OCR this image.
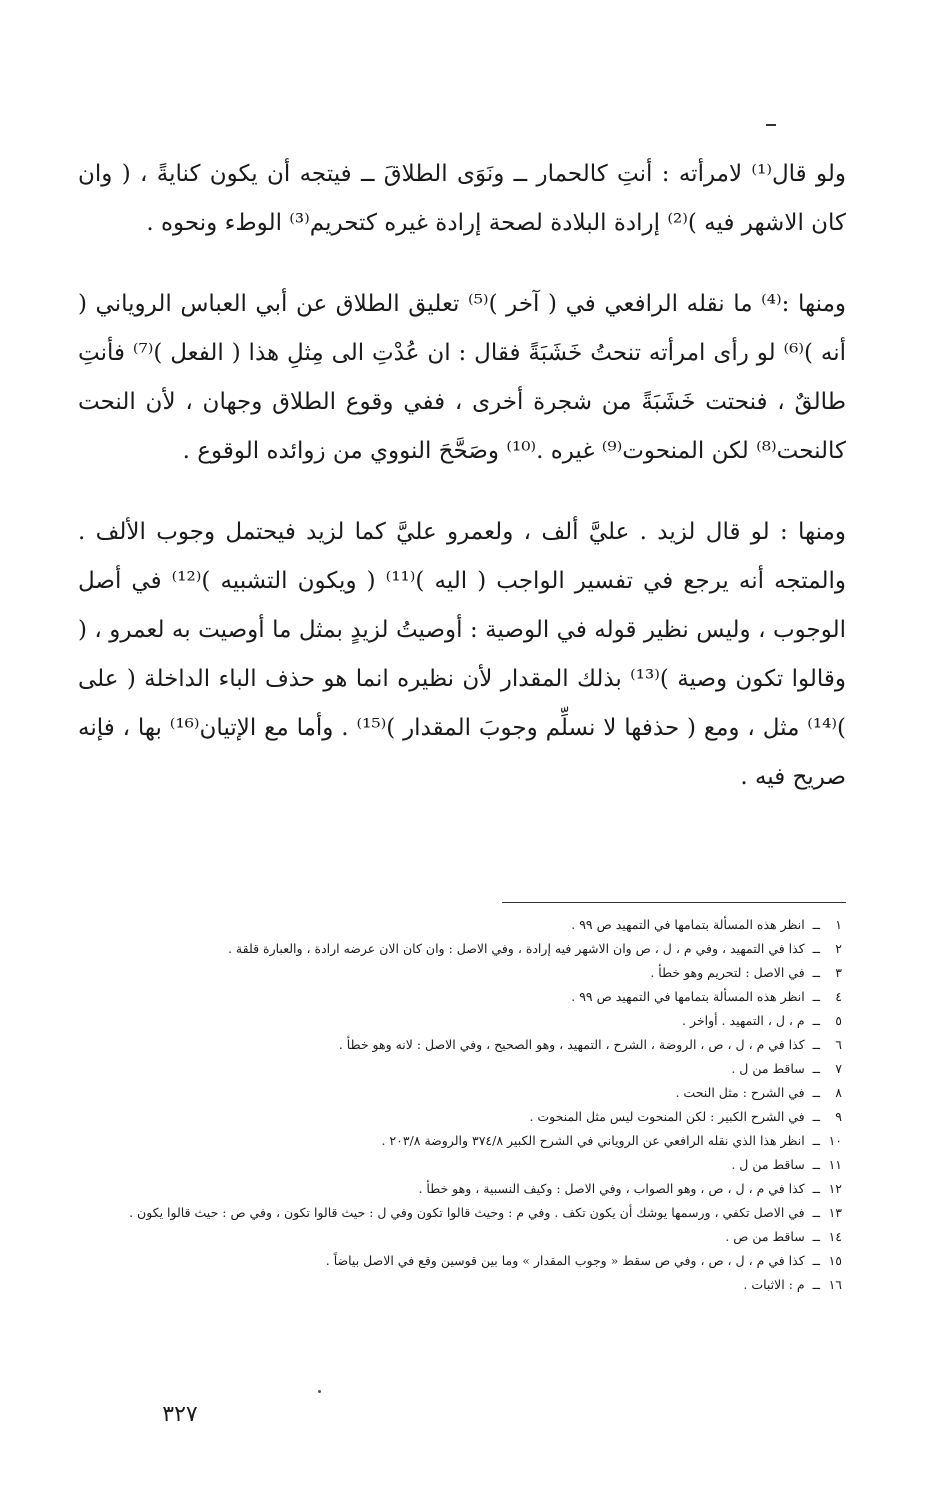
ولو قال⁽¹⁾ لامرأته : أنتِ كالحمار ــ ونَوَى الطلاقَ ــ فيتجه أن يكون كنايةً ، ( وان كان الاشهر فيه )⁽²⁾ إرادة البلادة لصحة إرادة غيره كتحريم⁽³⁾ الوطء ونحوه .

ومنها :⁽⁴⁾ ما نقله الرافعي في ( آخر )⁽⁵⁾ تعليق الطلاق عن أبي العباس الروياني ( أنه )⁽⁶⁾ لو رأى امرأته تنحتُ خَشَبَةً فقال : ان عُدْتِ الى مِثلِ هذا ( الفعل )⁽⁷⁾ فأنتِ طالقٌ ، فنحتت خَشَبَةً من شجرة أخرى ، ففي وقوع الطلاق وجهان ، لأن النحت كالنحت⁽⁸⁾ لكن المنحوت⁽⁹⁾ غيره .⁽¹⁰⁾ وصَحَّحَ النووي من زوائده الوقوع .

ومنها : لو قال لزيد . عليَّ ألف ، ولعمرو عليَّ كما لزيد فيحتمل وجوب الألف . والمتجه أنه يرجع في تفسير الواجب ( اليه )⁽¹¹⁾ ( ويكون التشبيه )⁽¹²⁾ في أصل الوجوب ، وليس نظير قوله في الوصية : أوصيتُ لزيدٍ بمثل ما أوصيت به لعمرو ، ( وقالوا تكون وصية )⁽¹³⁾ بذلك المقدار لأن نظيره انما هو حذف الباء الداخلة ( على )⁽¹⁴⁾ مثل ، ومع ( حذفها لا نسلِّم وجوبَ المقدار )⁽¹⁵⁾ . وأما مع الإتيان⁽¹⁶⁾ بها ، فإنه صريح فيه .

١ــانظر هذه المسألة بتمامها في التمهيد ص ٩٩ .

٢ــكذا في التمهيد ، وفي م ، ل ، ص وان الاشهر فيه إرادة ، وفي الاصل : وان كان الان عرضه ارادة ، والعبارة قلقة .

٣ــفي الاصل : لتحريم وهو خطأ .

٤ــانظر هذه المسألة بتمامها في التمهيد ص ٩٩ .

٥ــم ، ل ، التمهيد . أواخر .

٦ــكذا في م ، ل ، ص ، الروضة ، الشرح ، التمهيد ، وهو الصحيح ، وفي الاصل : لانه وهو خطأ .

٧ــساقط من ل .

٨ــفي الشرح : مثل النحت .

٩ــفي الشرح الكبير : لكن المنحوت ليس مثل المنحوت .

١٠ــانظر هذا الذي نقله الرافعي عن الروياني في الشرح الكبير ٣٧٤/٨ والروضة ٢٠٣/٨ .

١١ــساقط من ل .

١٢ــكذا في م ، ل ، ص ، وهو الصواب ، وفي الاصل : وكيف النسبية ، وهو خطأ .

١٣ــفي الاصل تكفي ، ورسمها يوشك أن يكون تكف . وفي م : وحيث قالوا تكون وفي ل : حيث قالوا تكون ، وفي ص : حيث قالوا يكون .

١٤ــساقط من ص .

١٥ــكذا في م ، ل ، ص ، وفي ص سقط « وجوب المقدار » وما بين قوسين وقع في الاصل بياضاً .

١٦ــم : الاثبات .

٣٢٧
